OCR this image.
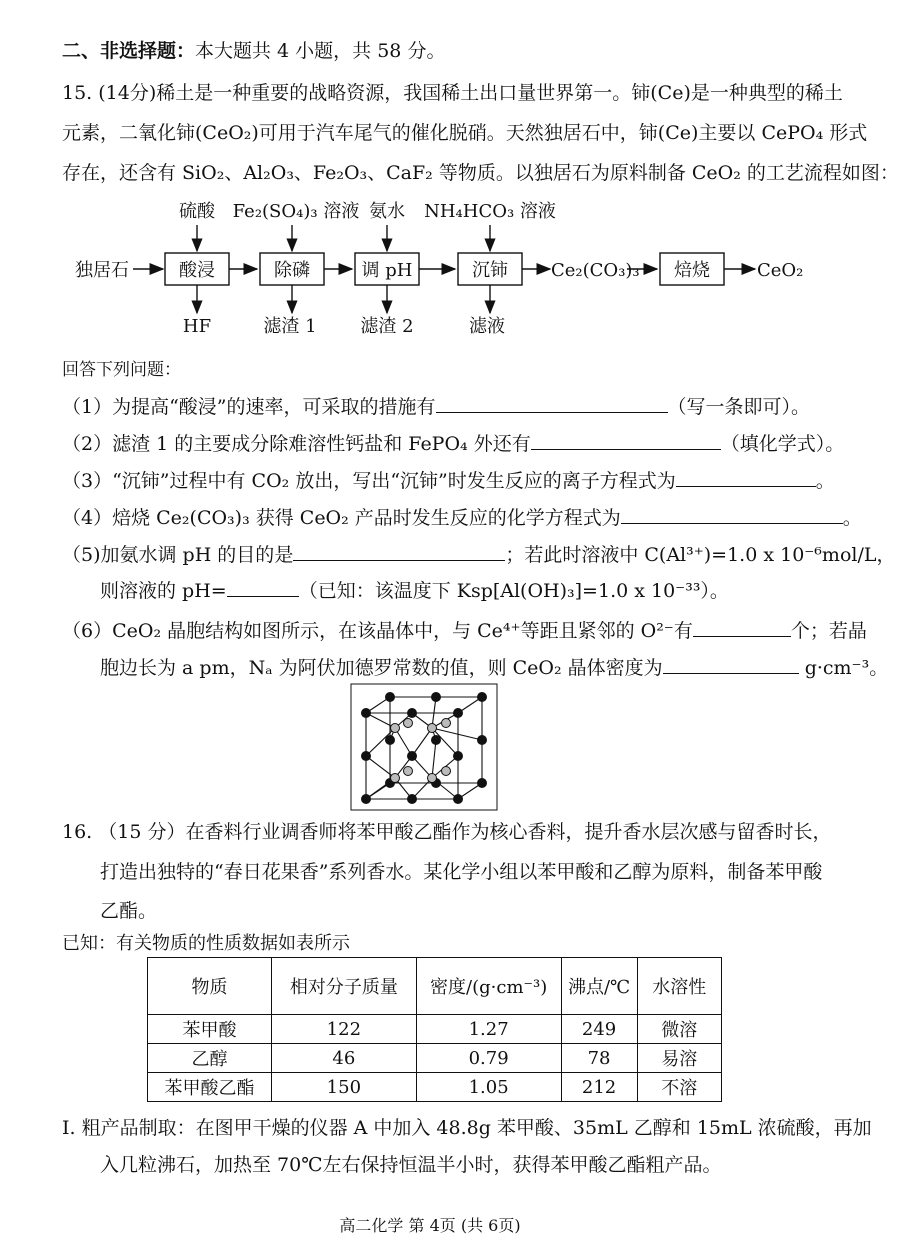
二、非选择题：本大题共 4 小题，共 58 分。
15. (14分)稀土是一种重要的战略资源，我国稀土出口量世界第一。铈(Ce)是一种典型的稀土
元素，二氧化铈(CeO₂)可用于汽车尾气的催化脱硝。天然独居石中，铈(Ce)主要以 CePO₄ 形式
存在，还含有 SiO₂、Al₂O₃、Fe₂O₃、CaF₂ 等物质。以独居石为原料制备 CeO₂ 的工艺流程如图：
独居石	酸浸	除磷	调 pH	沉铈 Ce₂(CO₃)₃ 焙烧	CeO₂
硫酸 Fe₂(SO₄)₃ 溶液 氨水 NH₄HCO₃ 溶液
HF	滤渣 1 滤渣 2	滤液
回答下列问题：
（1）为提高“酸浸”的速率，可采取的措施有	（写一条即可）。
（2）滤渣 1 的主要成分除难溶性钙盐和 FePO₄ 外还有	（填化学式）。
（3）“沉铈”过程中有 CO₂ 放出，写出“沉铈”时发生反应的离子方程式为	。
（4）焙烧 Ce₂(CO₃)₃ 获得 CeO₂ 产品时发生反应的化学方程式为	。
（5)加氨水调 pH 的目的是	；若此时溶液中 C(Al³⁺)=1.0 x 10⁻⁶mol/L，
则溶液的 pH=	（已知：该温度下 Ksp[Al(OH)₃]=1.0 x 10⁻³³）。
（6）CeO₂ 晶胞结构如图所示，在该晶体中，与 Ce⁴⁺等距且紧邻的 O²⁻有	个；若晶
胞边长为 a pm，Nₐ 为阿伏加德罗常数的值，则 CeO₂ 晶体密度为	g·cm⁻³。
16. （15 分）在香料行业调香师将苯甲酸乙酯作为核心香料，提升香水层次感与留香时长，
打造出独特的“春日花果香”系列香水。某化学小组以苯甲酸和乙醇为原料，制备苯甲酸
乙酯。
已知：有关物质的性质数据如表所示
物质	相对分子质量	密度/(g·cm⁻³)	沸点/℃	水溶性
苯甲酸	122	1.27	249	微溶
乙醇	46	0.79	78	易溶
苯甲酸乙酯	150	1.05	212	不溶
I. 粗产品制取：在图甲干燥的仪器 A 中加入 48.8g 苯甲酸、35mL 乙醇和 15mL 浓硫酸，再加
入几粒沸石，加热至 70℃左右保持恒温半小时，获得苯甲酸乙酯粗产品。
高二化学 第 4页 (共 6页)
